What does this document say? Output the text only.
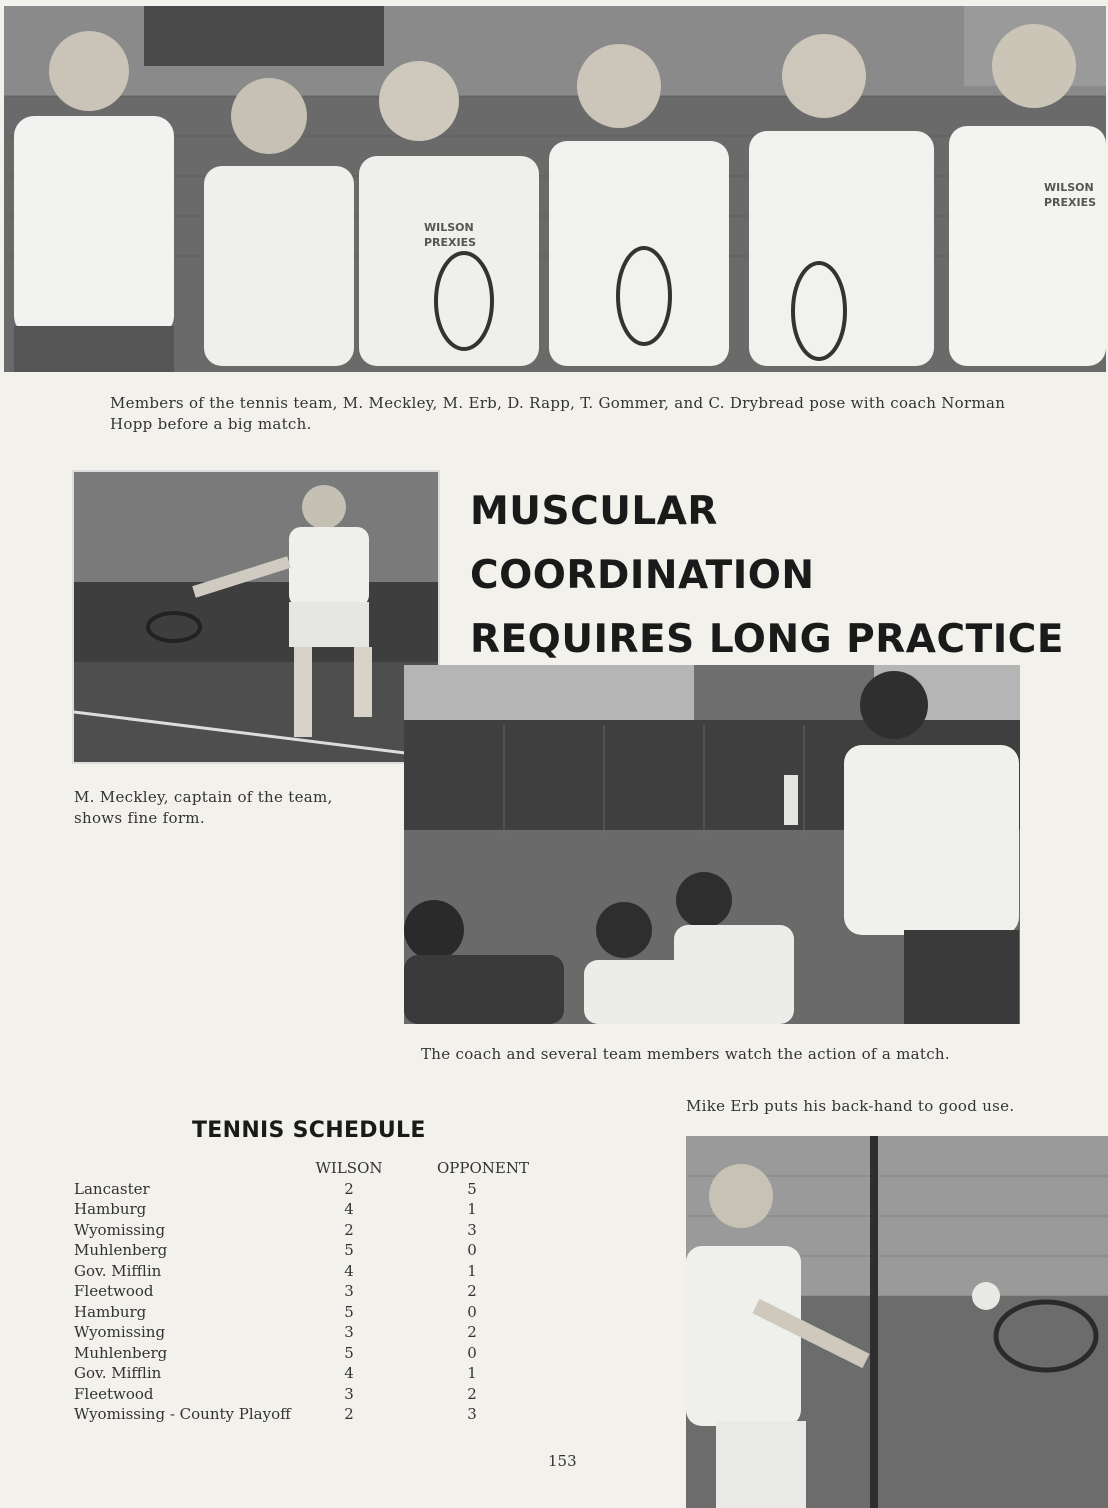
WILSON
PREXIES
WILSON
PREXIES
Members of the tennis team, M. Meckley, M. Erb, D. Rapp, T. Gommer, and C. Drybread pose with coach Norman Hopp before a big match.
MUSCULAR COORDINATION
REQUIRES LONG PRACTICE
M. Meckley, captain of the team, shows fine form.
The coach and several team members watch the action of a match.
Mike Erb puts his back-hand to good use.
TENNIS SCHEDULE
WILSON	OPPONENT
Lancaster	2	5
Hamburg	4	1
Wyomissing	2	3
Muhlenberg	5	0
Gov. Mifflin	4	1
Fleetwood	3	2
Hamburg	5	0
Wyomissing	3	2
Muhlenberg	5	0
Gov. Mifflin	4	1
Fleetwood	3	2
Wyomissing - County Playoff	2	3
153
